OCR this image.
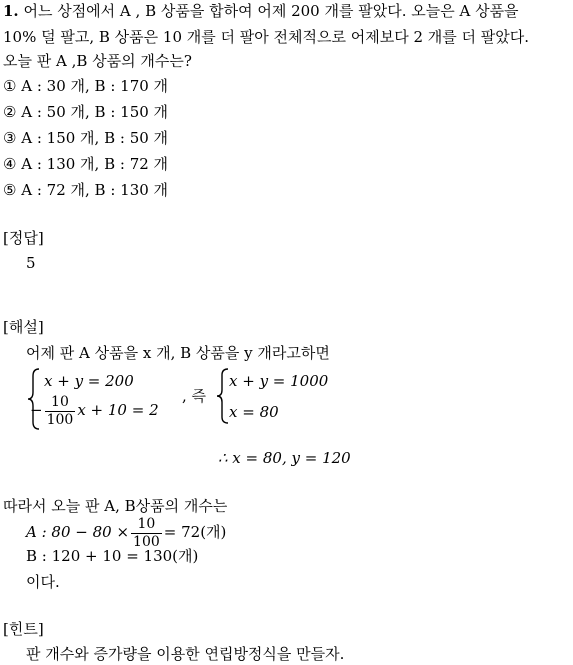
1. 어느 상점에서 A , B 상품을 합하여 어제 200 개를 팔았다. 오늘은 A 상품을
10% 덜 팔고, B 상품은 10 개를 더 팔아 전체적으로 어제보다 2 개를 더 팔았다.
오늘 판 A ,B 상품의 개수는?
① A : 30 개, B : 170 개
② A : 50 개, B : 150 개
③ A : 150 개, B : 50 개
④ A : 130 개, B : 72 개
⑤ A : 72 개, B : 130 개
[정답]
5
[해설]
어제 판 A 상품을 x 개, B 상품을 y 개라고하면
x + y = 200
− $\frac{10}{100}$ x + 10 = 2
, 즉
x + y = 1000
x = 80
∴ x = 80, y = 120
따라서 오늘 판 A, B상품의 개수는
A : $80 - 80 \times \frac{10}{100} = 72$(개)
B : 120 + 10 = 130(개)
이다.
[힌트]
판 개수와 증가량을 이용한 연립방정식을 만들자.
